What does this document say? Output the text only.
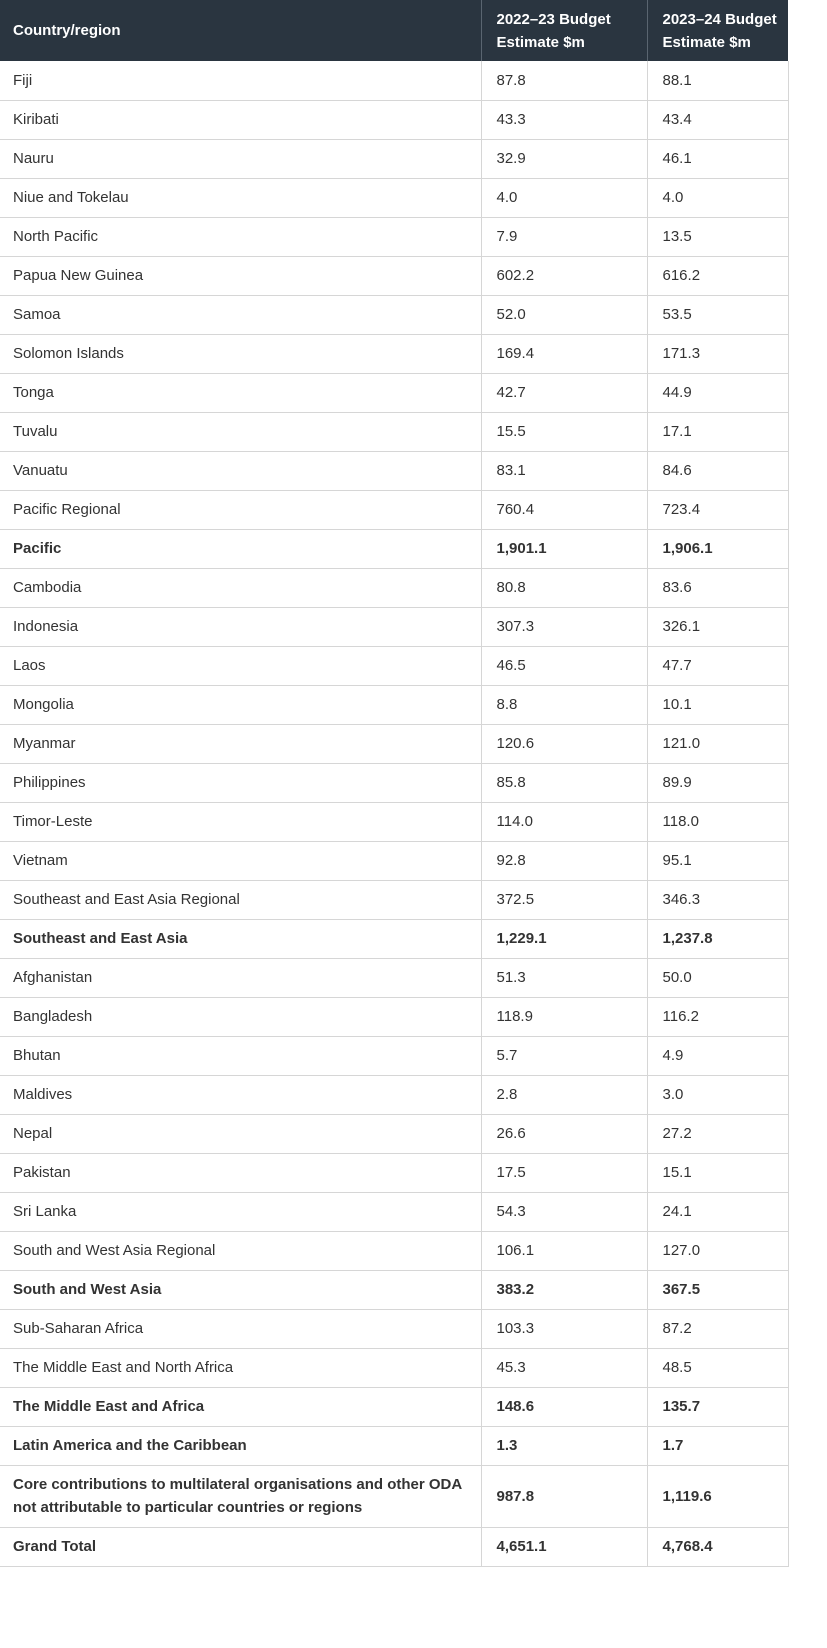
Country/region	2022–23 Budget Estimate $m	2023–24 Budget Estimate $m
Fiji	87.8	88.1
Kiribati	43.3	43.4
Nauru	32.9	46.1
Niue and Tokelau	4.0	4.0
North Pacific	7.9	13.5
Papua New Guinea	602.2	616.2
Samoa	52.0	53.5
Solomon Islands	169.4	171.3
Tonga	42.7	44.9
Tuvalu	15.5	17.1
Vanuatu	83.1	84.6
Pacific Regional	760.4	723.4
Pacific	1,901.1	1,906.1
Cambodia	80.8	83.6
Indonesia	307.3	326.1
Laos	46.5	47.7
Mongolia	8.8	10.1
Myanmar	120.6	121.0
Philippines	85.8	89.9
Timor-Leste	114.0	118.0
Vietnam	92.8	95.1
Southeast and East Asia Regional	372.5	346.3
Southeast and East Asia	1,229.1	1,237.8
Afghanistan	51.3	50.0
Bangladesh	118.9	116.2
Bhutan	5.7	4.9
Maldives	2.8	3.0
Nepal	26.6	27.2
Pakistan	17.5	15.1
Sri Lanka	54.3	24.1
South and West Asia Regional	106.1	127.0
South and West Asia	383.2	367.5
Sub-Saharan Africa	103.3	87.2
The Middle East and North Africa	45.3	48.5
The Middle East and Africa	148.6	135.7
Latin America and the Caribbean	1.3	1.7
Core contributions to multilateral organisations and other ODA not attributable to particular countries or regions	987.8	1,119.6
Grand Total	4,651.1	4,768.4
